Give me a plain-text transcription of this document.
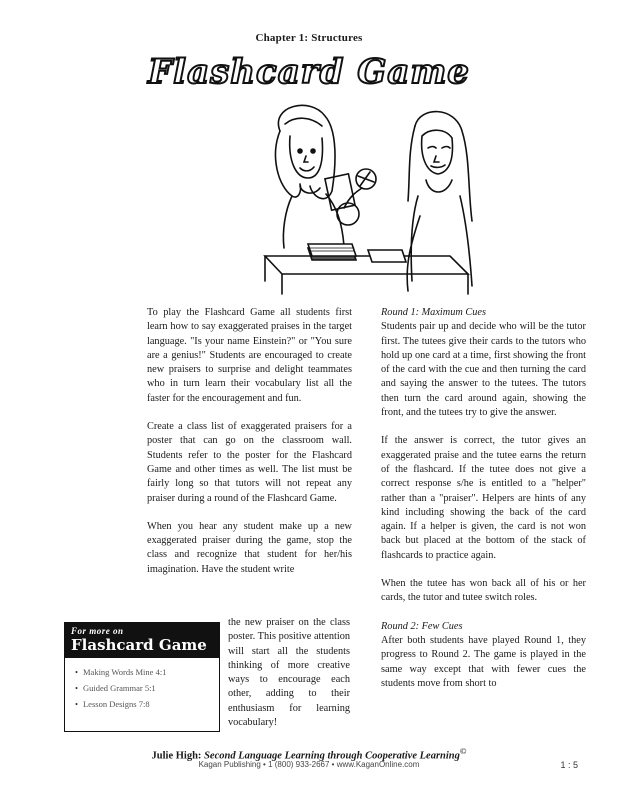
Chapter 1: Structures
Flashcard Game

To play the Flashcard Game all students first learn how to say exaggerated praises in the target language. "Is your name Einstein?" or "You sure are a genius!" Students are encouraged to create new praisers to surprise and delight teammates who in turn learn their vocabulary list all the faster for the encouragement and fun.

Create a class list of exaggerated praisers for a poster that can go on the classroom wall. Students refer to the poster for the Flashcard Game and other times as well. The list must be fairly long so that tutors will not repeat any praiser during a round of the Flashcard Game.

When you hear any student make up a new exaggerated praiser during the game, stop the class and recognize that student for her/his imagination. Have the student write

the new praiser on the class poster. This positive attention will start all the students thinking of more creative ways to encourage each other, adding to their enthusiasm for learning vocabulary!

For more on
Flashcard Game
• Making Words Mine 4:1
• Guided Grammar 5:1
• Lesson Designs 7:8

Round 1: Maximum Cues

Students pair up and decide who will be the tutor first. The tutees give their cards to the tutors who hold up one card at a time, first showing the front of the card with the cue and then turning the card and saying the answer to the tutees. The tutors then turn the card around again, showing the front, and the tutees try to give the answer.

If the answer is correct, the tutor gives an exaggerated praise and the tutee earns the return of the flashcard. If the tutee does not give a correct response s/he is entitled to a "helper" rather than a "praiser". Helpers are hints of any kind including showing the back of the card again. If a helper is given, the card is not won back but placed at the bottom of the stack of flashcards to practice again.

When the tutee has won back all of his or her cards, the tutor and tutee switch roles.

Round 2: Few Cues

After both students have played Round 1, they progress to Round 2. The game is played in the same way except that with fewer cues the students move from short to

Julie High: Second Language Learning through Cooperative Learning©
Kagan Publishing • 1 (800) 933-2667 • www.KaganOnline.com	1 : 5
